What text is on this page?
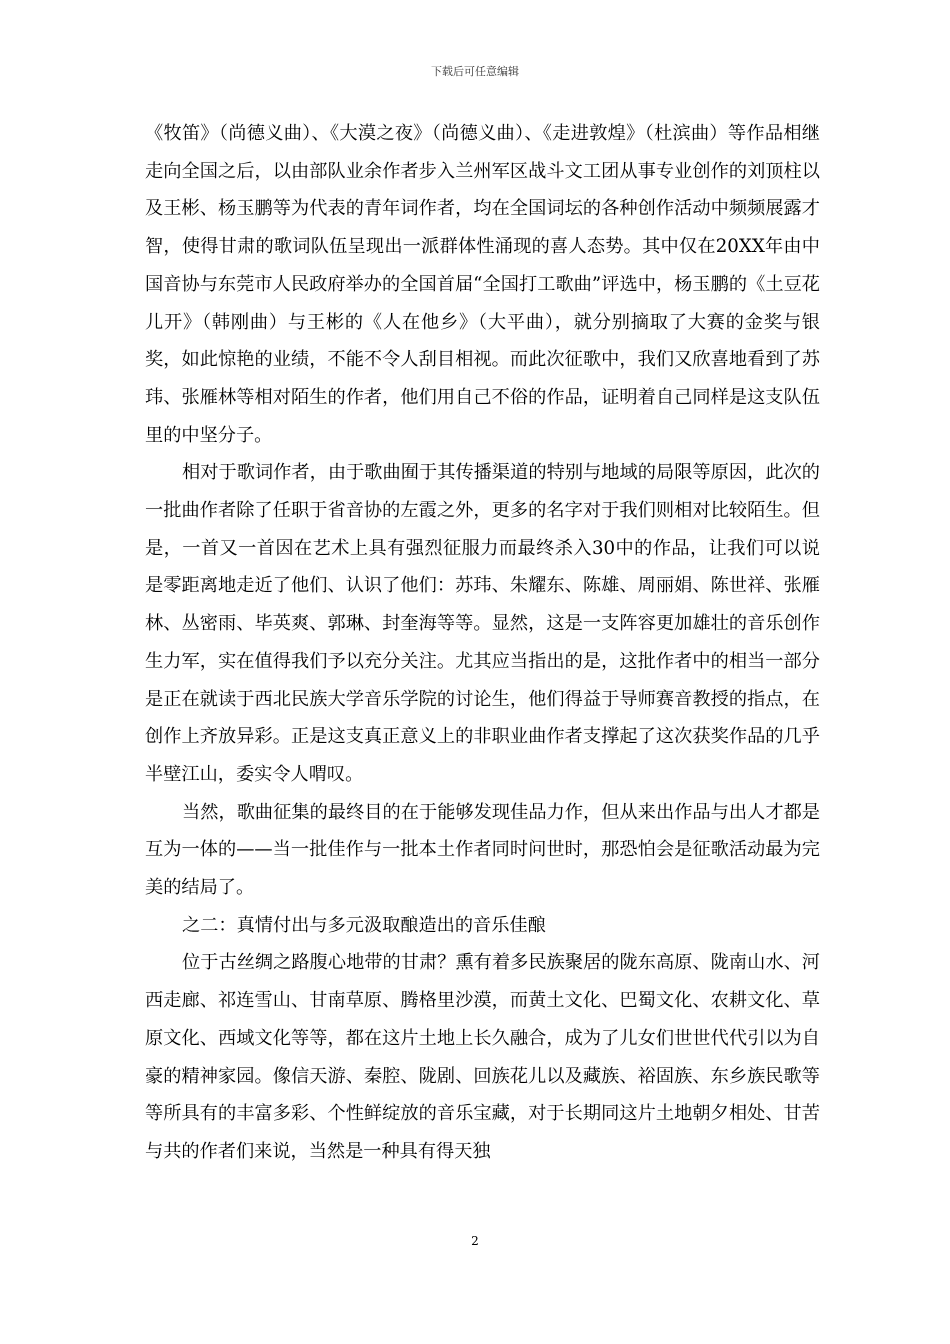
下载后可任意编辑

《牧笛》（尚德义曲）、《大漠之夜》（尚德义曲）、《走进敦煌》（杜滨曲）等作品相继走向全国之后，以由部队业余作者步入兰州军区战斗文工团从事专业创作的刘顶柱以及王彬、杨玉鹏等为代表的青年词作者，均在全国词坛的各种创作活动中频频展露才智，使得甘肃的歌词队伍呈现出一派群体性涌现的喜人态势。其中仅在20XX年由中国音协与东莞市人民政府举办的全国首届“全国打工歌曲”评选中，杨玉鹏的《土豆花儿开》（韩刚曲）与王彬的《人在他乡》（大平曲），就分别摘取了大赛的金奖与银奖，如此惊艳的业绩，不能不令人刮目相视。而此次征歌中，我们又欣喜地看到了苏玮、张雁林等相对陌生的作者，他们用自己不俗的作品，证明着自己同样是这支队伍里的中坚分子。

相对于歌词作者，由于歌曲囿于其传播渠道的特别与地域的局限等原因，此次的一批曲作者除了任职于省音协的左霞之外，更多的名字对于我们则相对比较陌生。但是，一首又一首因在艺术上具有强烈征服力而最终杀入30中的作品，让我们可以说是零距离地走近了他们、认识了他们：苏玮、朱耀东、陈雄、周丽娟、陈世祥、张雁林、丛密雨、毕英爽、郭琳、封奎海等等。显然，这是一支阵容更加雄壮的音乐创作生力军，实在值得我们予以充分关注。尤其应当指出的是，这批作者中的相当一部分是正在就读于西北民族大学音乐学院的讨论生，他们得益于导师赛音教授的指点，在创作上齐放异彩。正是这支真正意义上的非职业曲作者支撑起了这次获奖作品的几乎半壁江山，委实令人喟叹。

当然，歌曲征集的最终目的在于能够发现佳品力作，但从来出作品与出人才都是互为一体的——当一批佳作与一批本土作者同时问世时，那恐怕会是征歌活动最为完美的结局了。

之二：真情付出与多元汲取酿造出的音乐佳酿

位于古丝绸之路腹心地带的甘肃？熏有着多民族聚居的陇东高原、陇南山水、河西走廊、祁连雪山、甘南草原、腾格里沙漠，而黄土文化、巴蜀文化、农耕文化、草原文化、西域文化等等，都在这片土地上长久融合，成为了儿女们世世代代引以为自豪的精神家园。像信天游、秦腔、陇剧、回族花儿以及藏族、裕固族、东乡族民歌等等所具有的丰富多彩、个性鲜绽放的音乐宝藏，对于长期同这片土地朝夕相处、甘苦与共的作者们来说，当然是一种具有得天独

2
